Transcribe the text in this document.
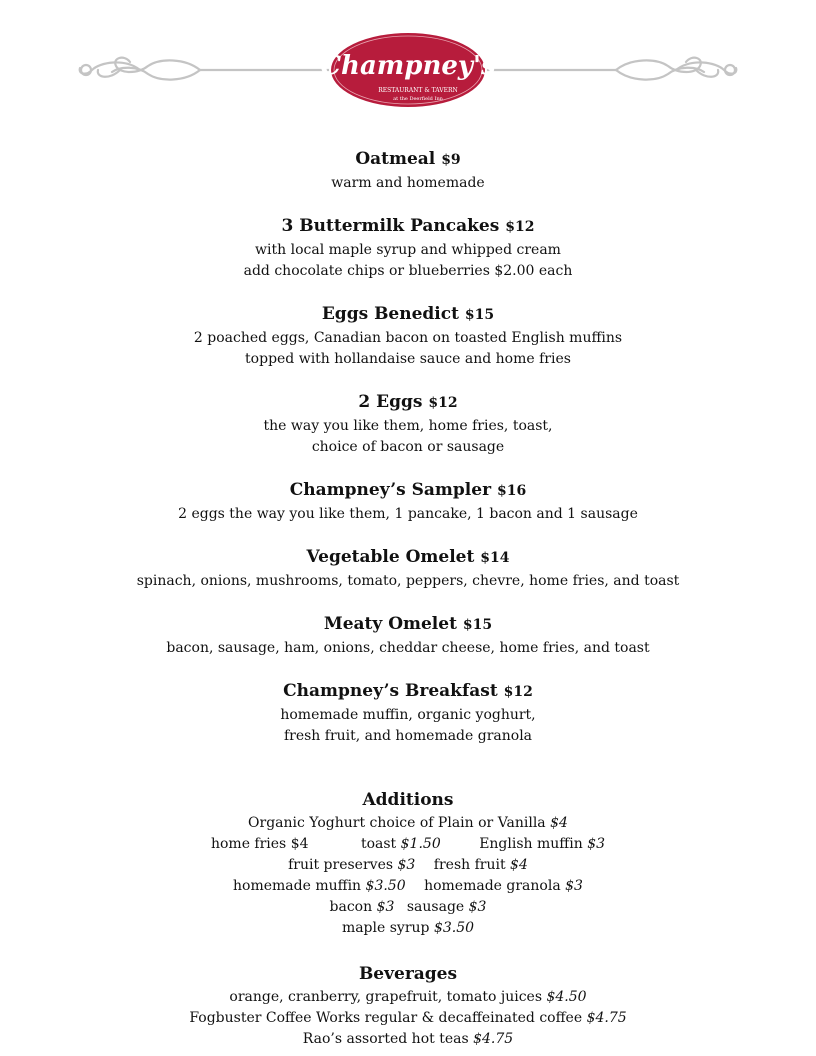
Champney's
RESTAURANT & TAVERN
at the Deerfield Inn
Oatmeal $9
warm and homemade
3 Buttermilk Pancakes $12
with local maple syrup and whipped cream
add chocolate chips or blueberries $2.00 each
Eggs Benedict $15
2 poached eggs, Canadian bacon on toasted English muffins
topped with hollandaise sauce and home fries
2 Eggs $12
the way you like them, home fries, toast,
choice of bacon or sausage
Champney’s Sampler $16
2 eggs the way you like them, 1 pancake, 1 bacon and 1 sausage
Vegetable Omelet $14
spinach, onions, mushrooms, tomato, peppers, chevre, home fries, and toast
Meaty Omelet $15
bacon, sausage, ham, onions, cheddar cheese, home fries, and toast
Champney’s Breakfast $12
homemade muffin, organic yoghurt,
fresh fruit, and homemade granola
Additions
Organic Yoghurt choice of Plain or Vanilla $4
home fries $4	toast $1.50	English muffin $3
fruit preserves $3 fresh fruit $4
homemade muffin $3.50 homemade granola $3
bacon $3 sausage $3
maple syrup $3.50
Beverages
orange, cranberry, grapefruit, tomato juices $4.50
Fogbuster Coffee Works regular & decaffeinated coffee $4.75
Rao’s assorted hot teas $4.75
